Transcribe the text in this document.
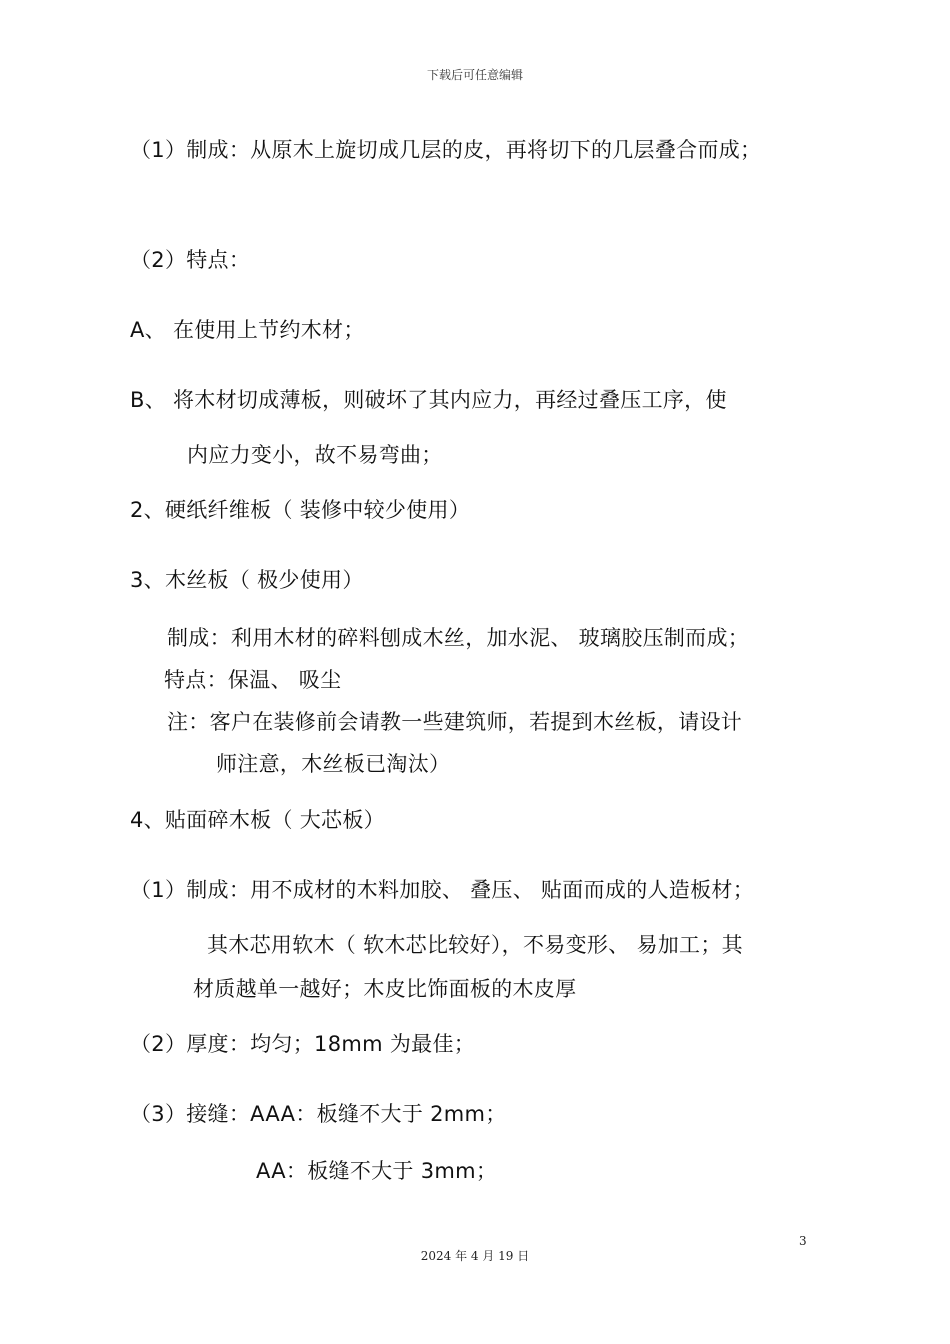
下载后可任意编辑
（1）制成：从原木上旋切成几层的皮，再将切下的几层叠合而成；
（2）特点：
A、 在使用上节约木材；
B、 将木材切成薄板，则破坏了其内应力，再经过叠压工序，使
内应力变小，故不易弯曲；
2、硬纸纤维板（ 装修中较少使用）
3、木丝板（ 极少使用）
制成：利用木材的碎料刨成木丝，加水泥、 玻璃胶压制而成；
特点：保温、 吸尘
注：客户在装修前会请教一些建筑师，若提到木丝板，请设计
师注意，木丝板已淘汰）
4、贴面碎木板（ 大芯板）
（1）制成：用不成材的木料加胶、 叠压、 贴面而成的人造板材；
其木芯用软木（ 软木芯比较好），不易变形、 易加工；其
材质越单一越好；木皮比饰面板的木皮厚
（2）厚度：均匀；18mm 为最佳；
（3）接缝：AAA：板缝不大于 2mm；
AA：板缝不大于 3mm；
3
2024 年 4 月 19 日
